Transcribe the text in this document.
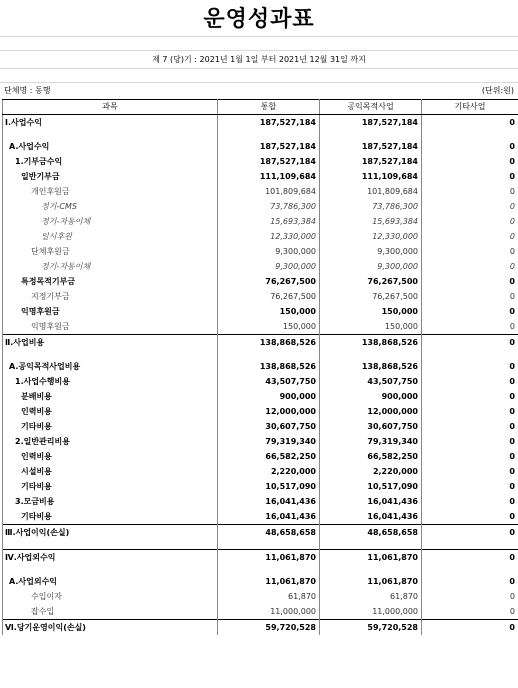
운영성과표
제 7 (당)기 : 2021년 1월 1일 부터 2021년 12월 31일 까지
단체명 : 동행	(단위:원)
과목	통합	공익목적사업	기타사업
Ⅰ.사업수익	187,527,184	187,527,184	0

A.사업수익	187,527,184	187,527,184	0
1.기부금수익	187,527,184	187,527,184	0
일반기부금	111,109,684	111,109,684	0
개인후원금	101,809,684	101,809,684	0
정기-CMS	73,786,300	73,786,300	0
정기-자동이체	15,693,384	15,693,384	0
일시후원	12,330,000	12,330,000	0
단체후원금	9,300,000	9,300,000	0
정기-자동이체	9,300,000	9,300,000	0
특정목적기부금	76,267,500	76,267,500	0
지정기부금	76,267,500	76,267,500	0
익명후원금	150,000	150,000	0
익명후원금	150,000	150,000	0
Ⅱ.사업비용	138,868,526	138,868,526	0

A.공익목적사업비용	138,868,526	138,868,526	0
1.사업수행비용	43,507,750	43,507,750	0
분배비용	900,000	900,000	0
인력비용	12,000,000	12,000,000	0
기타비용	30,607,750	30,607,750	0
2.일반관리비용	79,319,340	79,319,340	0
인력비용	66,582,250	66,582,250	0
시설비용	2,220,000	2,220,000	0
기타비용	10,517,090	10,517,090	0
3.모금비용	16,041,436	16,041,436	0
기타비용	16,041,436	16,041,436	0
Ⅲ.사업이익(손실)	48,658,658	48,658,658	0

Ⅳ.사업외수익	11,061,870	11,061,870	0

A.사업외수익	11,061,870	11,061,870	0
수입이자	61,870	61,870	0
잡수입	11,000,000	11,000,000	0
Ⅵ.당기운영이익(손실)	59,720,528	59,720,528	0
